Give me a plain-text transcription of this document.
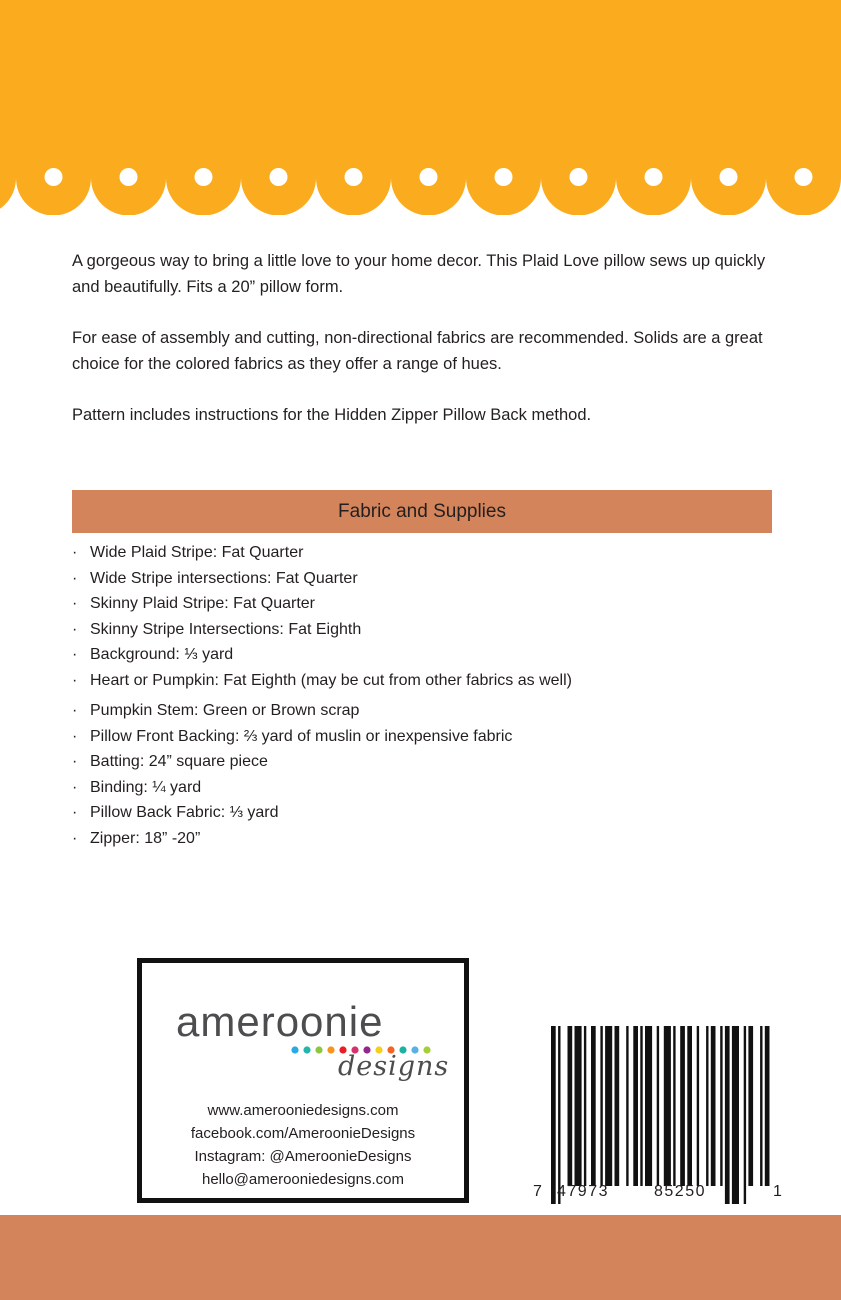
A gorgeous way to bring a little love to your home decor. This Plaid Love pillow sews up quickly and beautifully. Fits a 20” pillow form.

For ease of assembly and cutting, non-directional fabrics are recommended. Solids are a great choice for the colored fabrics as they offer a range of hues.

Pattern includes instructions for the Hidden Zipper Pillow Back method.

Fabric and Supplies
· Wide Plaid Stripe: Fat Quarter
· Wide Stripe intersections: Fat Quarter
· Skinny Plaid Stripe: Fat Quarter
· Skinny Stripe Intersections: Fat Eighth
· Background: ⅓ yard
· Heart or Pumpkin: Fat Eighth (may be cut from other fabrics as well)
· Pumpkin Stem: Green or Brown scrap
· Pillow Front Backing: ⅔ yard of muslin or inexpensive fabric
· Batting: 24” square piece
· Binding: ¼ yard
· Pillow Back Fabric: ⅓ yard
· Zipper: 18” -20”
ameroonie
designs
www.amerooniedesigns.com
facebook.com/AmeroonieDesigns
Instagram: @AmeroonieDesigns
hello@amerooniedesigns.com
7 47973	85250	1
